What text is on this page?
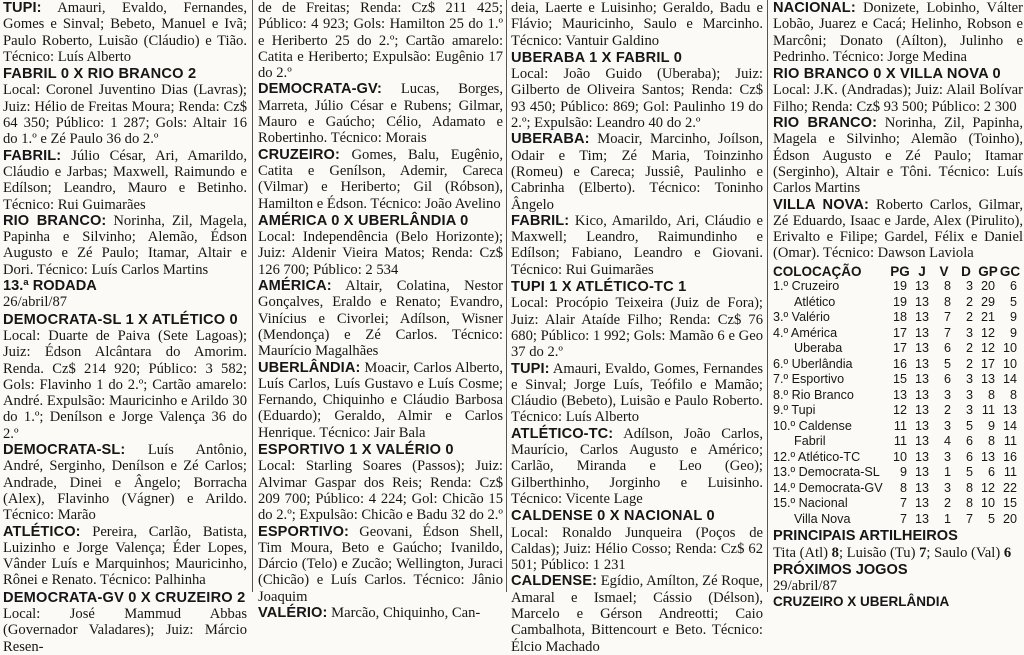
TUPI: Amauri, Evaldo, Fernandes, Gomes e Sinval; Bebeto, Manuel e Ivã; Paulo Roberto, Luisão (Cláudio) e Tião. Técnico: Luís Alberto
FABRIL 0 X RIO BRANCO 2
Local: Coronel Juventino Dias (Lavras); Juiz: Hélio de Freitas Moura; Renda: Cz$ 64 350; Público: 1 287; Gols: Altair 16 do 1.º e Zé Paulo 36 do 2.º
FABRIL: Júlio César, Ari, Amarildo, Cláudio e Jarbas; Maxwell, Raimundo e Edílson; Leandro, Mauro e Betinho. Técnico: Rui Guimarães
RIO BRANCO: Norinha, Zil, Magela, Papinha e Silvinho; Alemão, Édson Augusto e Zé Paulo; Itamar, Altair e Dori. Técnico: Luís Carlos Martins
13.ª RODADA
26/abril/87
DEMOCRATA-SL 1 X ATLÉTICO 0
Local: Duarte de Paiva (Sete Lagoas); Juiz: Édson Alcântara do Amorim. Renda. Cz$ 214 920; Público: 3 582; Gols: Flavinho 1 do 2.º; Cartão amarelo: André. Expulsão: Mauricinho e Arildo 30 do 1.º; Denílson e Jorge Valença 36 do 2.º
DEMOCRATA-SL: Luís Antônio, André, Serginho, Denílson e Zé Carlos; Andrade, Dinei e Ângelo; Borracha (Alex), Flavinho (Vágner) e Arildo. Técnico: Marão
ATLÉTICO: Pereira, Carlão, Batista, Luizinho e Jorge Valença; Éder Lopes, Vânder Luís e Marquinhos; Mauricinho, Rônei e Renato. Técnico: Palhinha
DEMOCRATA-GV 0 X CRUZEIRO 2
Local: José Mammud Abbas (Governador Valadares); Juiz: Márcio Resen-
de de Freitas; Renda: Cz$ 211 425; Público: 4 923; Gols: Hamilton 25 do 1.º e Heriberto 25 do 2.º; Cartão amarelo: Catita e Heriberto; Expulsão: Eugênio 17 do 2.º
DEMOCRATA-GV: Lucas, Borges, Marreta, Júlio César e Rubens; Gilmar, Mauro e Gaúcho; Célio, Adamato e Robertinho. Técnico: Morais
CRUZEIRO: Gomes, Balu, Eugênio, Catita e Genílson, Ademir, Careca (Vilmar) e Heriberto; Gil (Róbson), Hamilton e Édson. Técnico: João Avelino
AMÉRICA 0 X UBERLÂNDIA 0
Local: Independência (Belo Horizonte); Juiz: Aldenir Vieira Matos; Renda: Cz$ 126 700; Público: 2 534
AMÉRICA: Altair, Colatina, Nestor Gonçalves, Eraldo e Renato; Evandro, Vinícius e Civorlei; Adílson, Wisner (Mendonça) e Zé Carlos. Técnico: Maurício Magalhães
UBERLÂNDIA: Moacir, Carlos Alberto, Luís Carlos, Luís Gustavo e Luís Cosme; Fernando, Chiquinho e Cláudio Barbosa (Eduardo); Geraldo, Almir e Carlos Henrique. Técnico: Jair Bala
ESPORTIVO 1 X VALÉRIO 0
Local: Starling Soares (Passos); Juiz: Alvimar Gaspar dos Reis; Renda: Cz$ 209 700; Público: 4 224; Gol: Chicão 15 do 2.º; Expulsão: Chicão e Badu 32 do 2.º
ESPORTIVO: Geovani, Édson Shell, Tim Moura, Beto e Gaúcho; Ivanildo, Dárcio (Telo) e Zucão; Wellington, Juraci (Chicão) e Luís Carlos. Técnico: Jânio Joaquim
VALÉRIO: Marcão, Chiquinho, Can-
deia, Laerte e Luisinho; Geraldo, Badu e Flávio; Mauricinho, Saulo e Marcinho. Técnico: Vantuir Galdino
UBERABA 1 X FABRIL 0
Local: João Guido (Uberaba); Juiz: Gilberto de Oliveira Santos; Renda: Cz$ 93 450; Público: 869; Gol: Paulinho 19 do 2.º; Expulsão: Leandro 40 do 2.º
UBERABA: Moacir, Marcinho, Joílson, Odair e Tim; Zé Maria, Toinzinho (Romeu) e Careca; Jussiê, Paulinho e Cabrinha (Elberto). Técnico: Toninho Ângelo
FABRIL: Kico, Amarildo, Ari, Cláudio e Maxwell; Leandro, Raimundinho e Edílson; Fabiano, Leandro e Giovani. Técnico: Rui Guimarães
TUPI 1 X ATLÉTICO-TC 1
Local: Procópio Teixeira (Juiz de Fora); Juiz: Alair Ataíde Filho; Renda: Cz$ 76 680; Público: 1 992; Gols: Mamão 6 e Geo 37 do 2.º
TUPI: Amauri, Evaldo, Gomes, Fernandes e Sinval; Jorge Luís, Teófilo e Mamão; Cláudio (Bebeto), Luisão e Paulo Roberto. Técnico: Luís Alberto
ATLÉTICO-TC: Adílson, João Carlos, Maurício, Carlos Augusto e Américo; Carlão, Miranda e Leo (Geo); Gilberthinho, Jorginho e Luisinho. Técnico: Vicente Lage
CALDENSE 0 X NACIONAL 0
Local: Ronaldo Junqueira (Poços de Caldas); Juiz: Hélio Cosso; Renda: Cz$ 62 501; Público: 1 231
CALDENSE: Egídio, Amílton, Zé Roque, Amaral e Ismael; Cássio (Délson), Marcelo e Gérson Andreotti; Caio Cambalhota, Bittencourt e Beto. Técnico: Élcio Machado
NACIONAL: Donizete, Lobinho, Válter Lobão, Juarez e Cacá; Helinho, Robson e Marcôni; Donato (Aílton), Julinho e Pedrinho. Técnico: Jorge Medina
RIO BRANCO 0 X VILLA NOVA 0
Local: J.K. (Andradas); Juiz: Alail Bolívar Filho; Renda: Cz$ 93 500; Público: 2 300
RIO BRANCO: Norinha, Zil, Papinha, Magela e Silvinho; Alemão (Toinho), Édson Augusto e Zé Paulo; Itamar (Serginho), Altair e Tôni. Técnico: Luís Carlos Martins
VILLA NOVA: Roberto Carlos, Gilmar, Zé Eduardo, Isaac e Jarde, Alex (Pirulito), Erivalto e Filipe; Gardel, Félix e Daniel (Omar). Técnico: Dawson Laviola
COLOCAÇÃO	PG	J	V	D	GP	GC
1.º Cruzeiro	19	13	8	3	20	6
Atlético	19	13	8	2	29	5
3.º Valério	18	13	7	2	21	9
4.º América	17	13	7	3	12	9
Uberaba	17	13	6	2	12	10
6.º Uberlândia	16	13	5	2	17	10
7.º Esportivo	15	13	6	3	13	14
8.º Rio Branco	13	13	3	3	8	8
9.º Tupi	12	13	2	3	11	13
10.º Caldense	11	13	3	5	9	14
Fabril	11	13	4	6	8	11
12.º Atlético-TC	10	13	3	6	13	16
13.º Democrata-SL	9	13	1	5	6	11
14.º Democrata-GV	8	13	3	8	12	22
15.º Nacional	7	13	2	8	10	15
Villa Nova	7	13	1	7	5	20
PRINCIPAIS ARTILHEIROS
Tita (Atl) 8; Luisão (Tu) 7; Saulo (Val) 6
PRÓXIMOS JOGOS
29/abril/87
CRUZEIRO X UBERLÂNDIA
